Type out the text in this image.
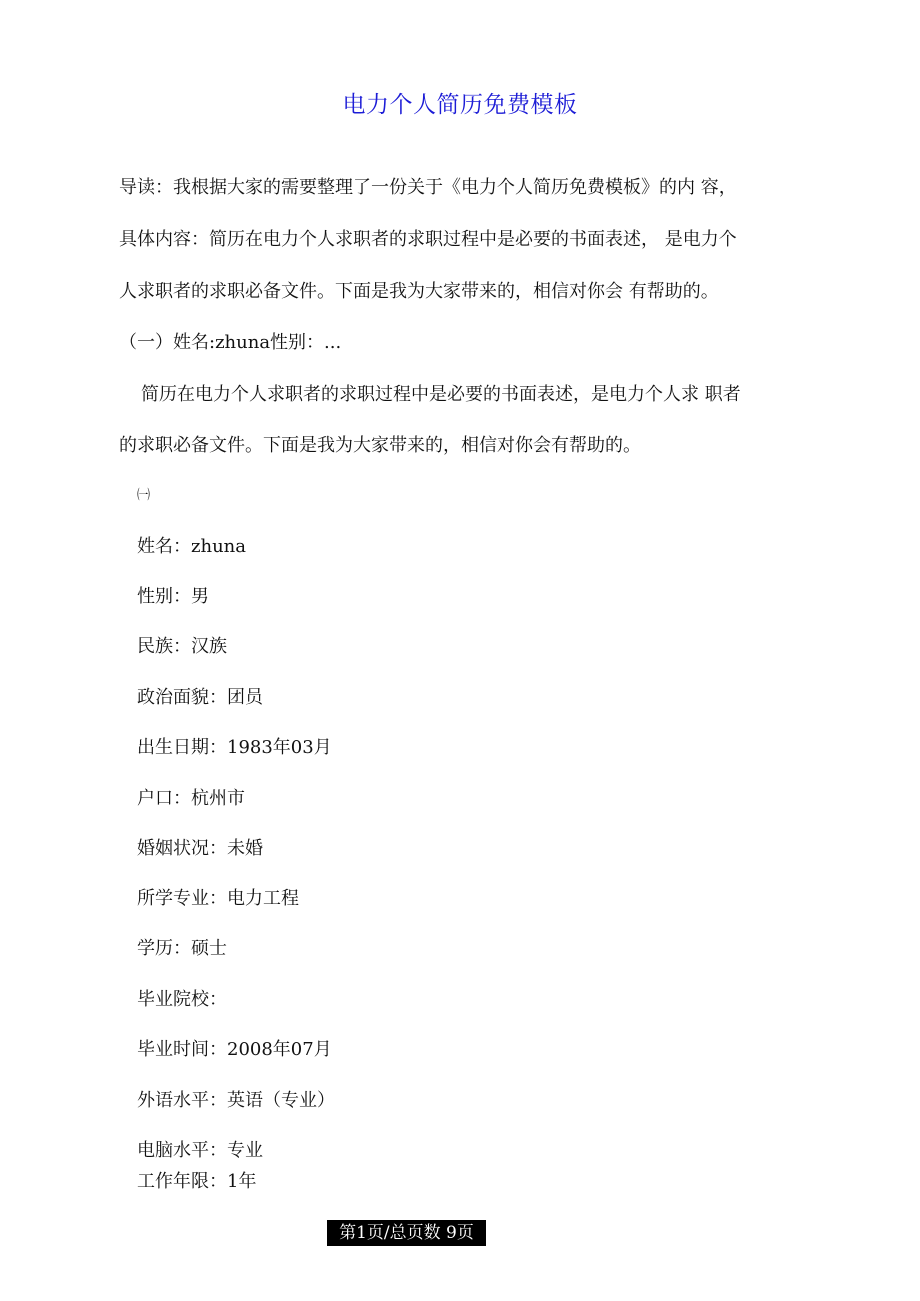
电力个人简历免费模板

导读：我根据大家的需要整理了一份关于《电力个人简历免费模板》的内 容，

具体内容：简历在电力个人求职者的求职过程中是必要的书面表述， 是电力个

人求职者的求职必备文件。下面是我为大家带来的，相信对你会 有帮助的。

（一）姓名:zhuna性别：...
简历在电力个人求职者的求职过程中是必要的书面表述，是电力个人求 职者
的求职必备文件。下面是我为大家带来的，相信对你会有帮助的。
㈠
姓名：zhuna
性别：男
民族：汉族
政治面貌：团员
出生日期：1983年03月
户口：杭州市
婚姻状况：未婚
所学专业：电力工程
学历：硕士
毕业院校：
毕业时间：2008年07月
外语水平：英语（专业）
电脑水平：专业
工作年限：1年
第1页/总页数 9页
